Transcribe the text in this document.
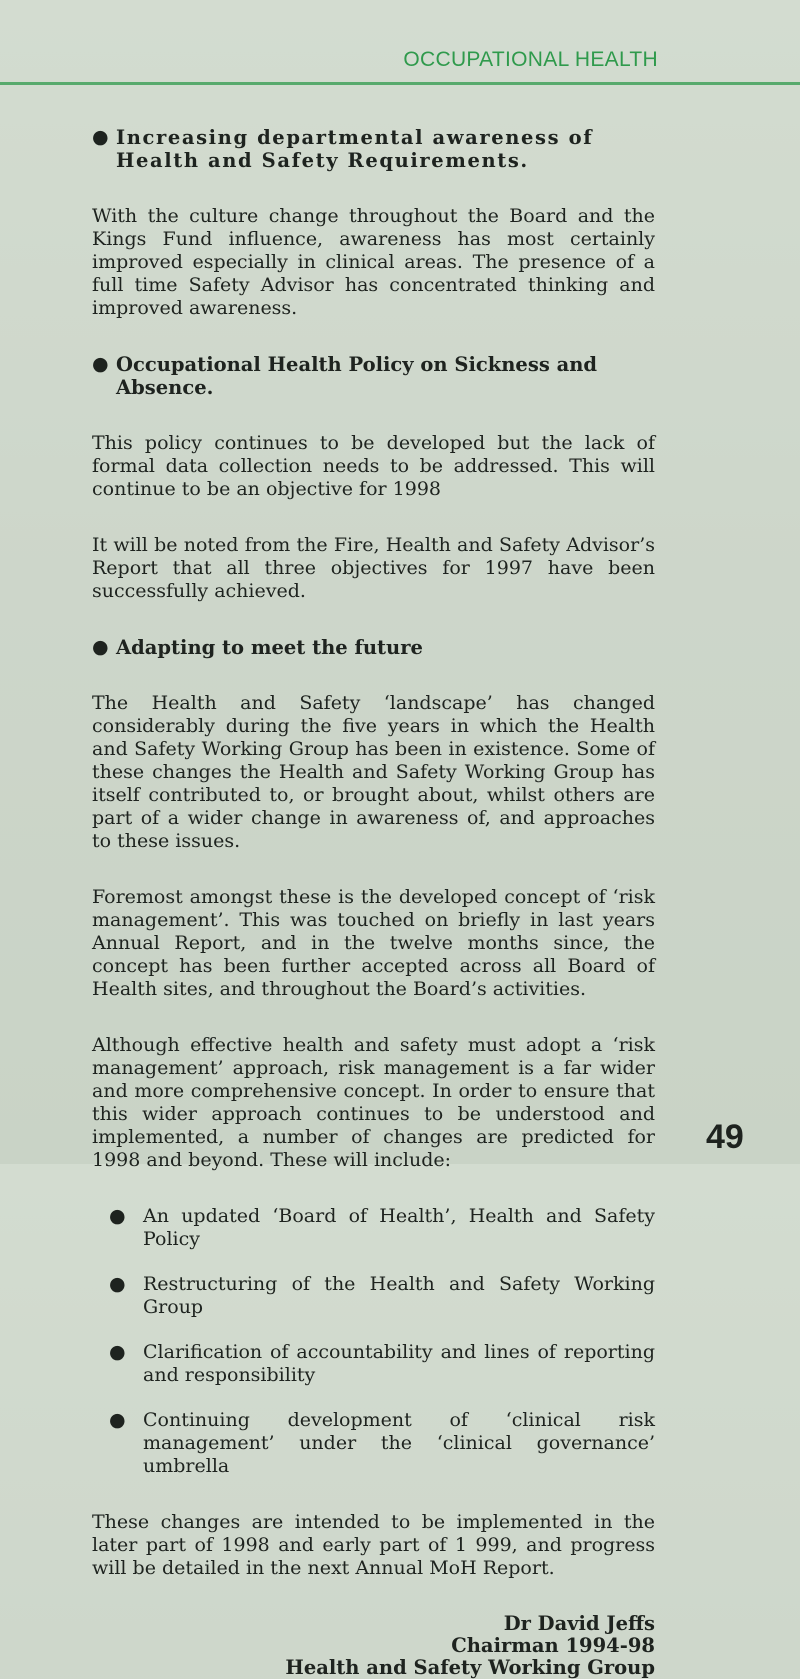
OCCUPATIONAL HEALTH
● Increasing departmental awareness of Health and Safety Requirements.

With the culture change throughout the Board and the Kings Fund influence, awareness has most certainly improved especially in clinical areas. The presence of a full time Safety Advisor has concentrated thinking and improved awareness.

● Occupational Health Policy on Sickness and Absence.

This policy continues to be developed but the lack of formal data collection needs to be addressed. This will continue to be an objective for 1998

It will be noted from the Fire, Health and Safety Advisor’s Report that all three objectives for 1997 have been successfully achieved.

● Adapting to meet the future

The Health and Safety ‘landscape’ has changed considerably during the five years in which the Health and Safety Working Group has been in existence. Some of these changes the Health and Safety Working Group has itself contributed to, or brought about, whilst others are part of a wider change in awareness of, and approaches to these issues.

Foremost amongst these is the developed concept of ‘risk management’. This was touched on briefly in last years Annual Report, and in the twelve months since, the concept has been further accepted across all Board of Health sites, and throughout the Board’s activities.

Although effective health and safety must adopt a ‘risk management’ approach, risk management is a far wider and more comprehensive concept. In order to ensure that this wider approach continues to be understood and implemented, a number of changes are predicted for 1998 and beyond. These will include:

● An updated ‘Board of Health’, Health and Safety Policy
● Restructuring of the Health and Safety Working Group
● Clarification of accountability and lines of reporting and responsibility
● Continuing development of ‘clinical risk management’ under the ‘clinical governance’ umbrella

These changes are intended to be implemented in the later part of 1998 and early part of 1 999, and progress will be detailed in the next Annual MoH Report.

Dr David Jeffs
Chairman 1994-98
Health and Safety Working Group
49
